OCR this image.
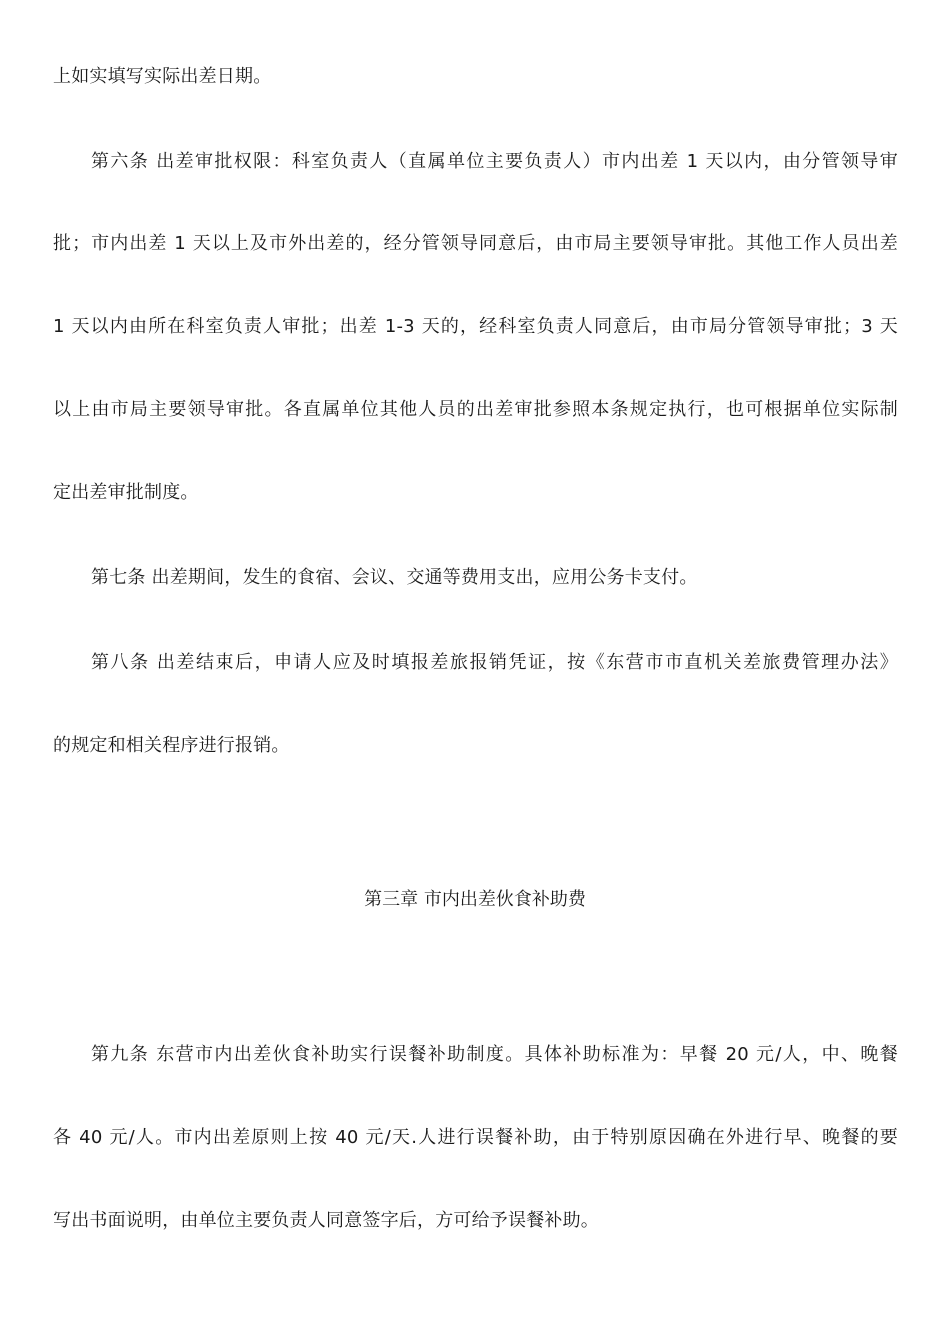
上如实填写实际出差日期。
第六条 出差审批权限：科室负责人（直属单位主要负责人）市内出差 1 天以内，由分管领导审
批；市内出差 1 天以上及市外出差的，经分管领导同意后，由市局主要领导审批。其他工作人员出差
1 天以内由所在科室负责人审批；出差 1-3 天的，经科室负责人同意后，由市局分管领导审批；3 天
以上由市局主要领导审批。各直属单位其他人员的出差审批参照本条规定执行，也可根据单位实际制
定出差审批制度。
第七条 出差期间，发生的食宿、会议、交通等费用支出，应用公务卡支付。
第八条 出差结束后，申请人应及时填报差旅报销凭证，按《东营市市直机关差旅费管理办法》
的规定和相关程序进行报销。
第三章 市内出差伙食补助费
第九条 东营市内出差伙食补助实行误餐补助制度。具体补助标准为：早餐 20 元/人，中、晚餐
各 40 元/人。市内出差原则上按 40 元/天.人进行误餐补助，由于特别原因确在外进行早、晚餐的要
写出书面说明，由单位主要负责人同意签字后，方可给予误餐补助。
